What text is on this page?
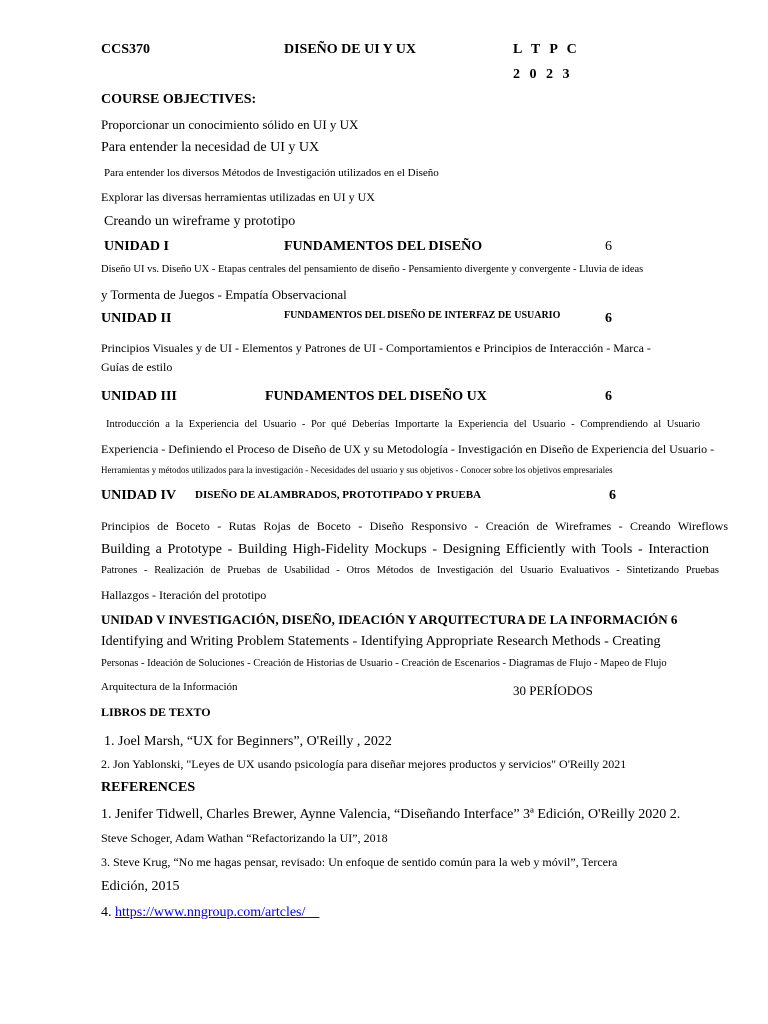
CCS370	DISEÑO DE UI Y UX	L T P C
2 0 2 3
COURSE OBJECTIVES:
Proporcionar un conocimiento sólido en UI y UX
Para entender la necesidad de UI y UX
Para entender los diversos Métodos de Investigación utilizados en el Diseño
Explorar las diversas herramientas utilizadas en UI y UX
Creando un wireframe y prototipo
UNIDAD I	FUNDAMENTOS DEL DISEÑO	6
Diseño UI vs. Diseño UX - Etapas centrales del pensamiento de diseño - Pensamiento divergente y convergente - Lluvia de ideas
y Tormenta de Juegos - Empatía Observacional
UNIDAD II	FUNDAMENTOS DEL DISEÑO DE INTERFAZ DE USUARIO	6
Principios Visuales y de UI - Elementos y Patrones de UI - Comportamientos e Principios de Interacción - Marca -
Guías de estilo
UNIDAD III	FUNDAMENTOS DEL DISEÑO UX	6
Introducción a la Experiencia del Usuario - Por qué Deberías Importarte la Experiencia del Usuario - Comprendiendo al Usuario
Experiencia - Definiendo el Proceso de Diseño de UX y su Metodología - Investigación en Diseño de Experiencia del Usuario -
Herramientas y métodos utilizados para la investigación - Necesidades del usuario y sus objetivos - Conocer sobre los objetivos empresariales
UNIDAD IV DISEÑO DE ALAMBRADOS, PROTOTIPADO Y PRUEBA	6
Principios de Boceto - Rutas Rojas de Boceto - Diseño Responsivo - Creación de Wireframes - Creando Wireflows
Building a Prototype - Building High-Fidelity Mockups - Designing Efficiently with Tools - Interaction
Patrones - Realización de Pruebas de Usabilidad - Otros Métodos de Investigación del Usuario Evaluativos - Sintetizando Pruebas
Hallazgos - Iteración del prototipo
UNIDAD V INVESTIGACIÓN, DISEÑO, IDEACIÓN Y ARQUITECTURA DE LA INFORMACIÓN 6
Identifying and Writing Problem Statements - Identifying Appropriate Research Methods - Creating
Personas - Ideación de Soluciones - Creación de Historias de Usuario - Creación de Escenarios - Diagramas de Flujo - Mapeo de Flujo
Arquitectura de la Información	30 PERÍODOS
LIBROS DE TEXTO
1. Joel Marsh, “UX for Beginners”, O'Reilly , 2022
2. Jon Yablonski, "Leyes de UX usando psicología para diseñar mejores productos y servicios" O'Reilly 2021
REFERENCES
1. Jenifer Tidwell, Charles Brewer, Aynne Valencia, “Diseñando Interface” 3ª Edición, O'Reilly 2020 2.
Steve Schoger, Adam Wathan “Refactorizando la UI”, 2018
3. Steve Krug, “No me hagas pensar, revisado: Un enfoque de sentido común para la web y móvil”, Tercera
Edición, 2015
4. https://www.nngroup.com/artcles/
